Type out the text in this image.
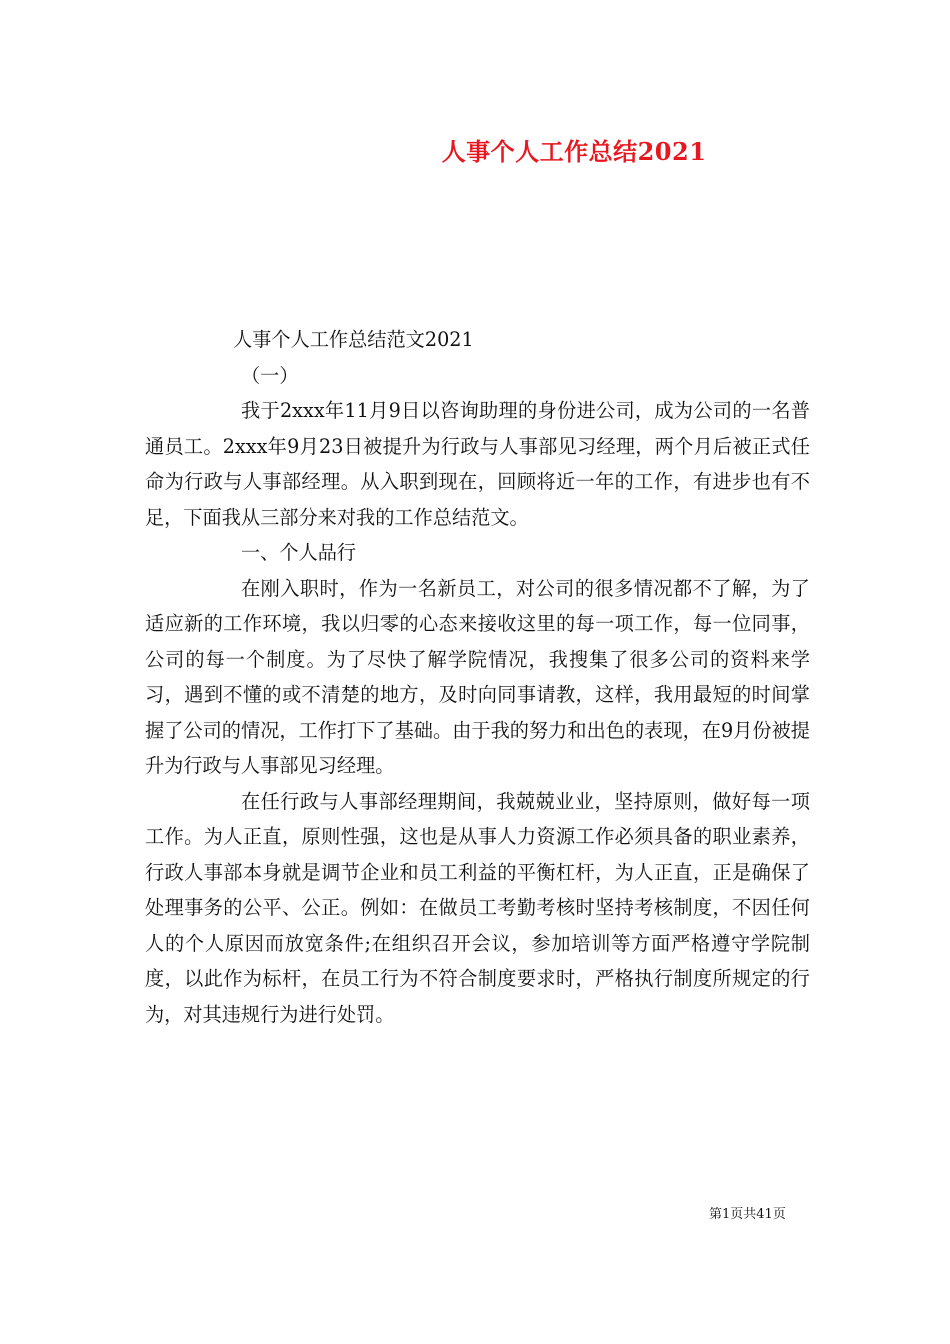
人事个人工作总结2021

人事个人工作总结范文2021

（一）

我于2xxx年11月9日以咨询助理的身份进公司，成为公司的一名普通员工。2xxx年9月23日被提升为行政与人事部见习经理，两个月后被正式任命为行政与人事部经理。从入职到现在，回顾将近一年的工作，有进步也有不足，下面我从三部分来对我的工作总结范文。

一、个人品行

在刚入职时，作为一名新员工，对公司的很多情况都不了解，为了适应新的工作环境，我以归零的心态来接收这里的每一项工作，每一位同事，公司的每一个制度。为了尽快了解学院情况，我搜集了很多公司的资料来学习，遇到不懂的或不清楚的地方，及时向同事请教，这样，我用最短的时间掌握了公司的情况，工作打下了基础。由于我的努力和出色的表现，在9月份被提升为行政与人事部见习经理。

在任行政与人事部经理期间，我兢兢业业，坚持原则，做好每一项工作。为人正直，原则性强，这也是从事人力资源工作必须具备的职业素养，行政人事部本身就是调节企业和员工利益的平衡杠杆，为人正直，正是确保了处理事务的公平、公正。例如：在做员工考勤考核时坚持考核制度，不因任何人的个人原因而放宽条件;在组织召开会议，参加培训等方面严格遵守学院制度，以此作为标杆，在员工行为不符合制度要求时，严格执行制度所规定的行为，对其违规行为进行处罚。

第1页共41页
